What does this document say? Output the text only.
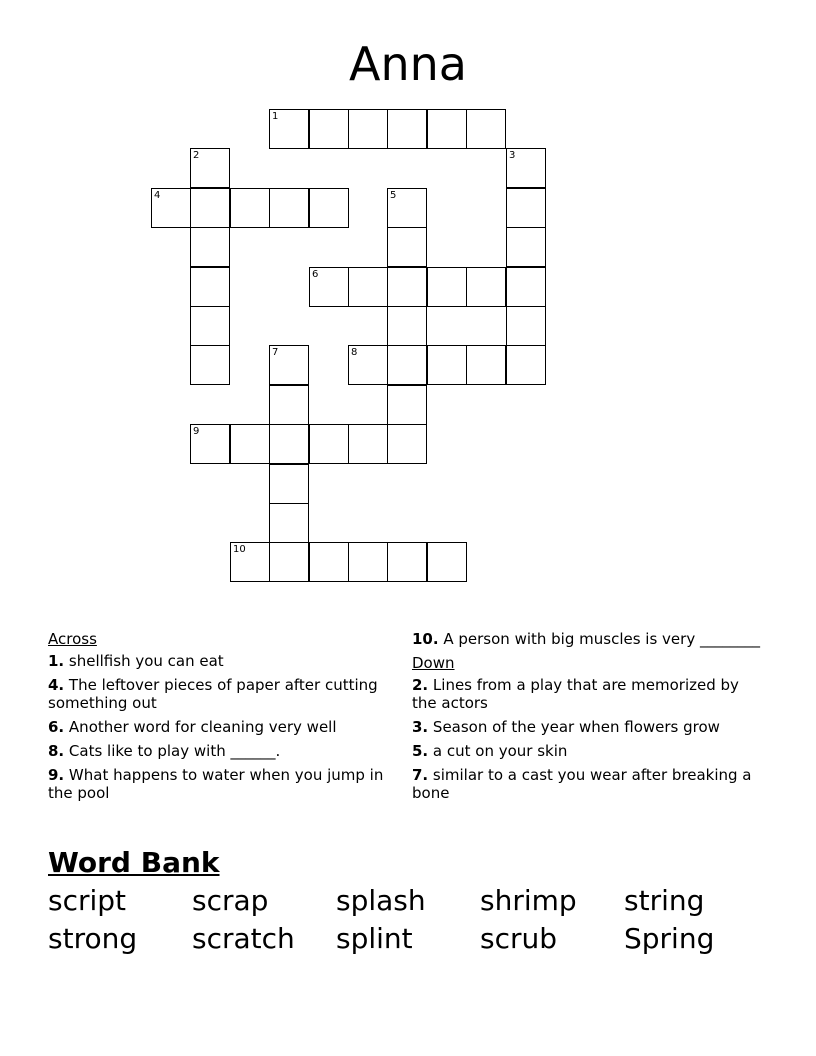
Anna
1
2	3
4	5
6
7	8
9
10
Across
1. shellfish you can eat
4. The leftover pieces of paper after cutting something out
6. Another word for cleaning very well
8. Cats like to play with ______.
9. What happens to water when you jump in the pool
10. A person with big muscles is very ________
Down
2. Lines from a play that are memorized by the actors
3. Season of the year when flowers grow
5. a cut on your skin
7. similar to a cast you wear after breaking a bone
Word Bank
script	scrap	splash	shrimp	string
strong	scratch	splint	scrub	Spring
